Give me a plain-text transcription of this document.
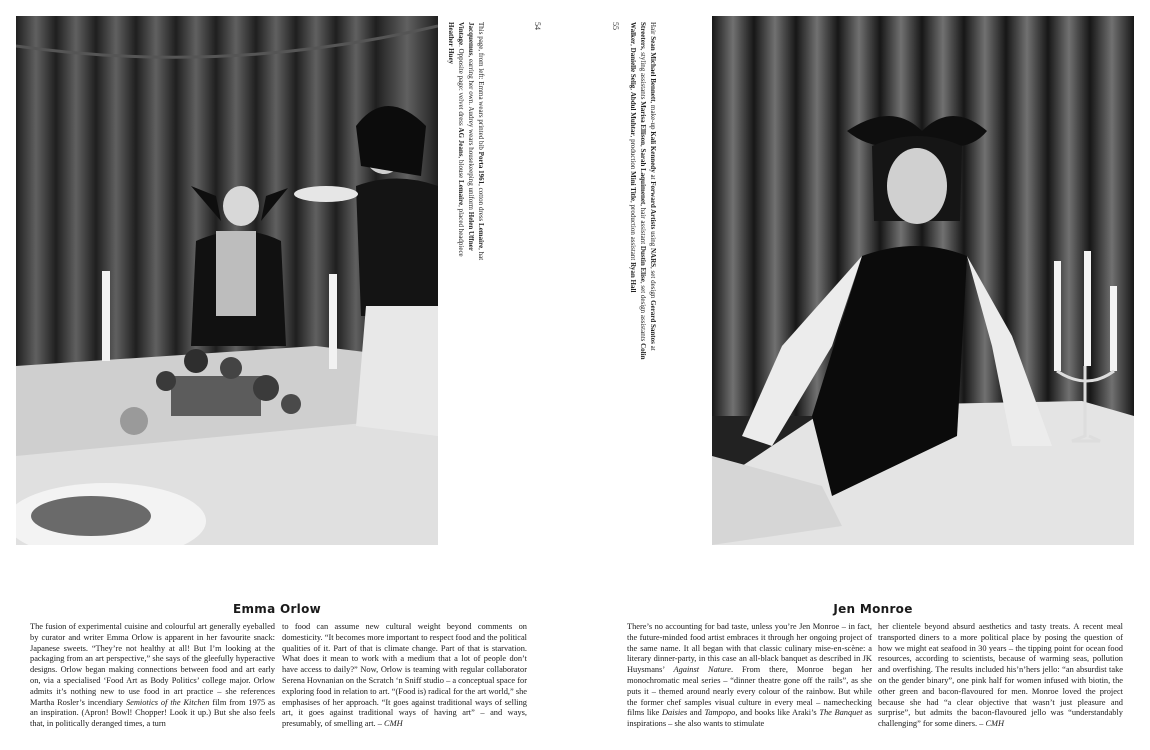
This page, from left: Emma wears printed bib Porta 1961, cotton dress Lemaire, hat Jacquemus, earring her own. Audrey wears housekeeping uniform Helen Uffner Vintage. Opposite page: velvet dress AG Jeans, blouse Lemaire, placed headpiece Heather Huey	54	55	Hair Sean Michael Bennett, make-up Kali Kennedy at Forward Artists using NARS, set design Gerard Santos at Streeters, styling assistants Marisa Ellison, Sarah Laquimenet, hair assistant Dustin Elise, set design assistants Colin Walker, Danielle Selig, Abdul Muhtar, production Mini Title, production assistant Ryan Hall
Emma Orlow

The fusion of experimental cuisine and colourful art generally eyeballed by curator and writer Emma Orlow is apparent in her favourite snack: Japanese sweets. “They’re not healthy at all! But I’m looking at the packaging from an art perspective,” she says of the gleefully hyperactive designs. Orlow began making connections between food and art early on, via a specialised ‘Food Art as Body Politics’ college major. Orlow admits it’s nothing new to use food in art practice – she references Martha Rosler’s incendiary Semiotics of the Kitchen film from 1975 as an inspiration. (Apron! Bowl! Chopper! Look it up.) But she also feels that, in politically deranged times, a turn

to food can assume new cultural weight beyond comments on domesticity. “It becomes more important to respect food and the political qualities of it. Part of that is climate change. Part of that is starvation. What does it mean to work with a medium that a lot of people don’t have access to daily?” Now, Orlow is teaming with regular collaborator Serena Hovnanian on the Scratch ‘n Sniff studio – a conceptual space for exploring food in relation to art. “(Food is) radical for the art world,” she emphasises of her approach. “It goes against traditional ways of selling art, it goes against traditional ways of having art” – and ways, presumably, of smelling art. – CMH

Jen Monroe

There’s no accounting for bad taste, unless you’re Jen Monroe – in fact, the future-minded food artist embraces it through her ongoing project of the same name. It all began with that classic culinary mise-en-scène: a literary dinner-party, in this case an all-black banquet as described in JK Huysmans’ Against Nature. From there, Monroe began her monochromatic meal series – “dinner theatre gone off the rails”, as she puts it – themed around nearly every colour of the rainbow. But while the former chef samples visual culture in every meal – namechecking films like Daisies and Tampopo, and books like Araki’s The Banquet as inspirations – she also wants to stimulate

her clientele beyond absurd aesthetics and tasty treats. A recent meal transported diners to a more political place by posing the question of how we might eat seafood in 30 years – the tipping point for ocean food resources, according to scientists, because of warming seas, pollution and overfishing. The results included his’n’hers jello: “an absurdist take on the gender binary”, one pink half for women infused with biotin, the other green and bacon-flavoured for men. Monroe loved the project because she had “a clear objective that wasn’t just pleasure and surprise”, but admits the bacon-flavoured jello was “understandably challenging” for some diners. – CMH
